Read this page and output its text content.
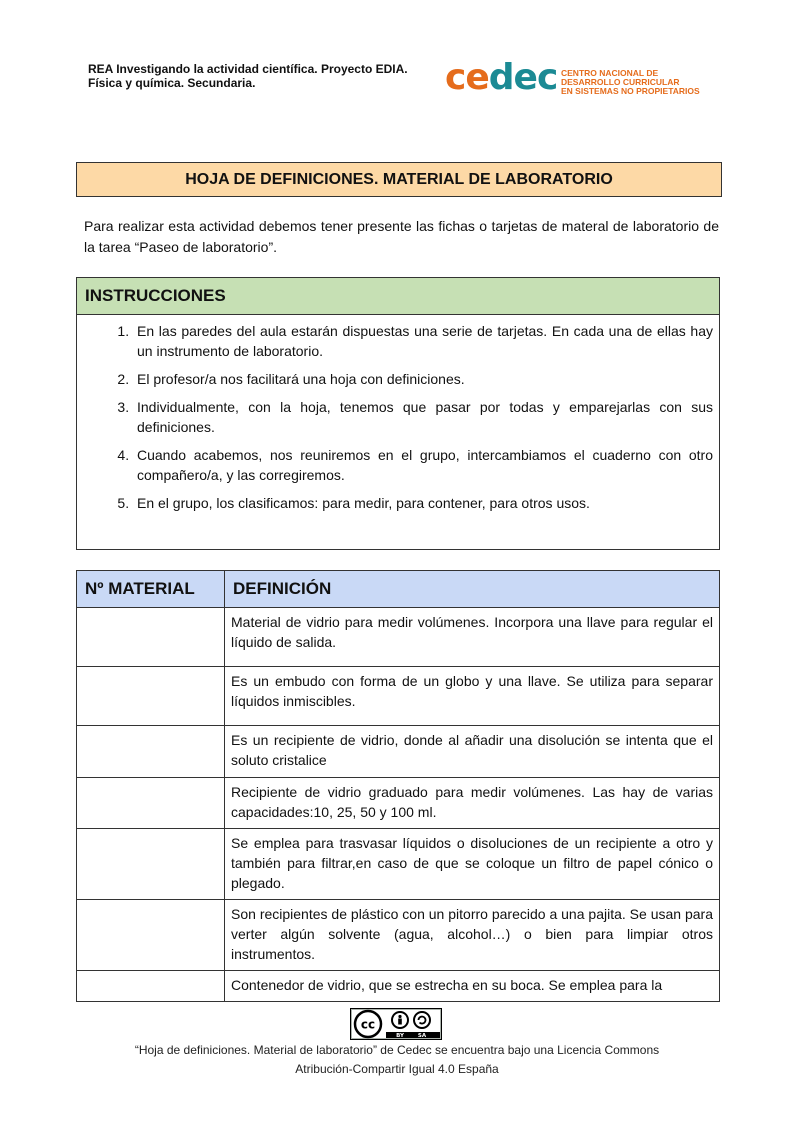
REA Investigando la actividad científica. Proyecto EDIA.
Física y química. Secundaria.	cedec CENTRO NACIONAL DE
DESARROLLO CURRICULAR
EN SISTEMAS NO PROPIETARIOS
HOJA DE DEFINICIONES. MATERIAL DE LABORATORIO
Para realizar esta actividad debemos tener presente las fichas o tarjetas de materal de laboratorio de la tarea “Paseo de laboratorio”.
INSTRUCCIONES
1. En las paredes del aula estarán dispuestas una serie de tarjetas. En cada una de ellas hay un instrumento de laboratorio.
2. El profesor/a nos facilitará una hoja con definiciones.
3. Individualmente, con la hoja, tenemos que pasar por todas y emparejarlas con sus definiciones.
4. Cuando acabemos, nos reuniremos en el grupo, intercambiamos el cuaderno con otro compañero/a, y las corregiremos.
5. En el grupo, los clasificamos: para medir, para contener, para otros usos.
Nº MATERIAL	DEFINICIÓN
	Material de vidrio para medir volúmenes. Incorpora una llave para regular el líquido de salida.
	Es un embudo con forma de un globo y una llave. Se utiliza para separar líquidos inmiscibles.
	Es un recipiente de vidrio, donde al añadir una disolución se intenta que el soluto cristalice
	Recipiente de vidrio graduado para medir volúmenes. Las hay de varias capacidades:10, 25, 50 y 100 ml.
	Se emplea para trasvasar líquidos o disoluciones de un recipiente a otro y también para filtrar,en caso de que se coloque un filtro de papel cónico o plegado.
	Son recipientes de plástico con un pitorro parecido a una pajita. Se usan para verter algún solvente (agua, alcohol…) o bien para limpiar otros instrumentos.
	Contenedor de vidrio, que se estrecha en su boca. Se emplea para la
cc
BY	SA
“Hoja de definiciones. Material de laboratorio” de Cedec se encuentra bajo una Licencia Commons
Atribución-Compartir Igual 4.0 España
